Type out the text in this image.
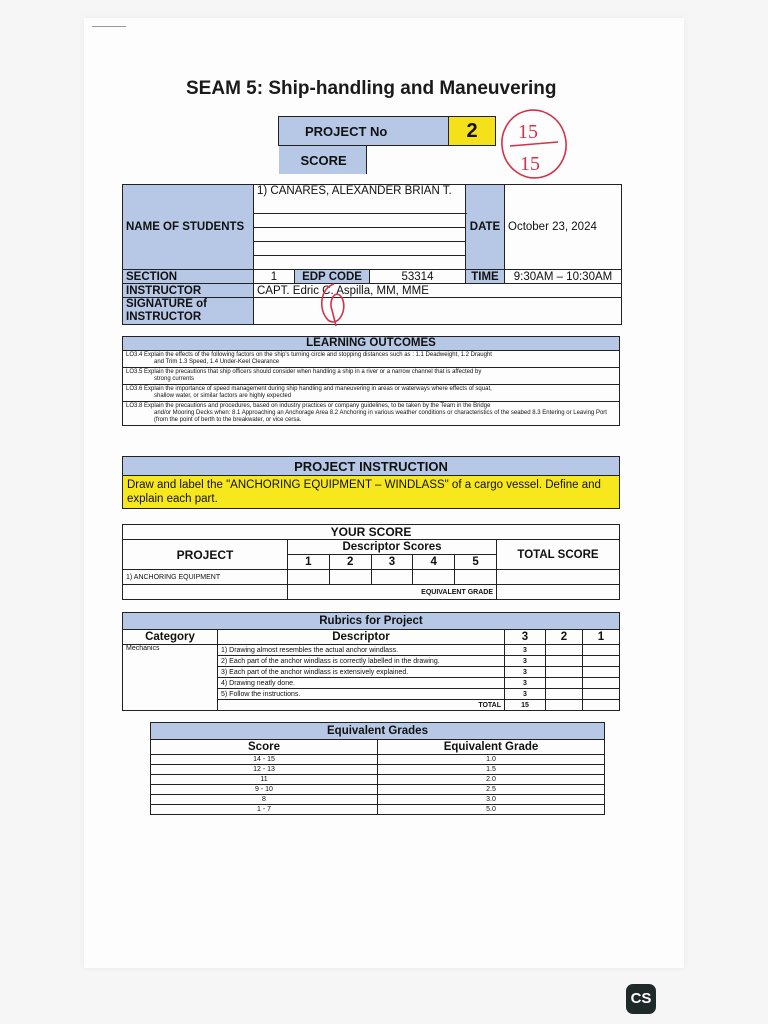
SEAM 5: Ship-handling and Maneuvering
PROJECT No	2

SCORE	

15
15
NAME OF STUDENTS	1) CANARES, ALEXANDER BRIAN T.			DATE	October 23, 2024

SECTION	1	EDP CODE	53314	TIME	9:30AM – 10:30AM
INSTRUCTOR	CAPT. Edric C. Aspilla, MM, MME				
SIGNATURE of INSTRUCTOR					
LEARNING OUTCOMES
LO3.4 Explain the effects of the following factors on the ship's turning circle and stopping distances such as : 1.1 Deadweight, 1.2 Draught
and Trim 1.3 Speed, 1.4 Under-Keel Clearance

LO3.5 Explain the precautions that ship officers should consider when handling a ship in a river or a narrow channel that is affected by
strong currents

LO3.6 Explain the importance of speed management during ship handling and maneuvering in areas or waterways where effects of squat,
shallow water, or similar factors are highly expected

LO3.8 Explain the precautions and procedures, based on industry practices or company guidelines, to be taken by the Team in the Bridge
and/or Mooring Decks when: 8.1 Approaching an Anchorage Area 8.2 Anchoring in various weather conditions or characteristics of the seabed 8.3 Entering or Leaving Port (from the point of berth to the breakwater, or vice cersa.
PROJECT INSTRUCTION
Draw and label the "ANCHORING EQUIPMENT – WINDLASS" of a cargo vessel. Define and explain each part.
YOUR SCORE						
PROJECT	Descriptor Scores					TOTAL SCORE
	1	2	3	4	5	
1) ANCHORING EQUIPMENT						
	EQUIVALENT GRADE					
Rubrics for Project				
Category	Descriptor	3	2	1
Mechanics	1) Drawing almost resembles the actual anchor windlass.	3		
	2) Each part of the anchor windlass is correctly labelled in the drawing.	3		
	3) Each part of the anchor windlass is extensively explained.	3		
	4) Drawing neatly done.	3		
	5) Follow the instructions.	3		
	TOTAL	15		
Equivalent Grades	
Score	Equivalent Grade
14 - 15	1.0
12 - 13	1.5
11	2.0
9 - 10	2.5
8	3.0
1 - 7	5.0
CS
